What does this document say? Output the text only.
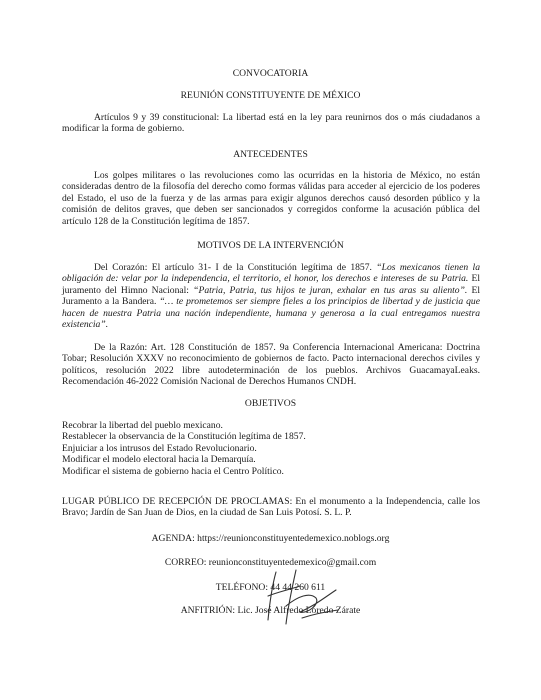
CONVOCATORIA

REUNIÓN CONSTITUYENTE DE MÉXICO

Artículos 9 y 39 constitucional: La libertad está en la ley para reunirnos dos o más ciudadanos a modificar la forma de gobierno.

ANTECEDENTES

Los golpes militares o las revoluciones como las ocurridas en la historia de México, no están consideradas dentro de la filosofía del derecho como formas válidas para acceder al ejercicio de los poderes del Estado, el uso de la fuerza y de las armas para exigir algunos derechos causó desorden público y la comisión de delitos graves, que deben ser sancionados y corregidos conforme la acusación pública del artículo 128 de la Constitución legítima de 1857.

MOTIVOS DE LA INTERVENCIÓN

Del Corazón: El artículo 31- I de la Constitución legítima de 1857. “Los mexicanos tienen la obligación de: velar por la independencia, el territorio, el honor, los derechos e intereses de su Patria. El juramento del Himno Nacional: “Patria, Patria, tus hijos te juran, exhalar en tus aras su aliento”. El Juramento a la Bandera. “… te prometemos ser siempre fieles a los principios de libertad y de justicia que hacen de nuestra Patria una nación independiente, humana y generosa a la cual entregamos nuestra existencia”.

De la Razón: Art. 128 Constitución de 1857. 9a Conferencia Internacional Americana: Doctrina Tobar; Resolución XXXV no reconocimiento de gobiernos de facto. Pacto internacional derechos civiles y políticos, resolución 2022 libre autodeterminación de los pueblos. Archivos GuacamayaLeaks. Recomendación 46-2022 Comisión Nacional de Derechos Humanos CNDH.

OBJETIVOS

Recobrar la libertad del pueblo mexicano.

Restablecer la observancia de la Constitución legítima de 1857.

Enjuiciar a los intrusos del Estado Revolucionario.

Modificar el modelo electoral hacia la Demarquía.

Modificar el sistema de gobierno hacia el Centro Político.

LUGAR PÚBLICO DE RECEPCIÓN DE PROCLAMAS: En el monumento a la Independencia, calle los Bravo; Jardín de San Juan de Dios, en la ciudad de San Luis Potosí. S. L. P.

AGENDA: https://reunionconstituyentedemexico.noblogs.org

CORREO: reunionconstituyentedemexico@gmail.com

TELÉFONO: 44 44 260 611

ANFITRIÓN: Lic. José Alfredo Loredo Zárate
